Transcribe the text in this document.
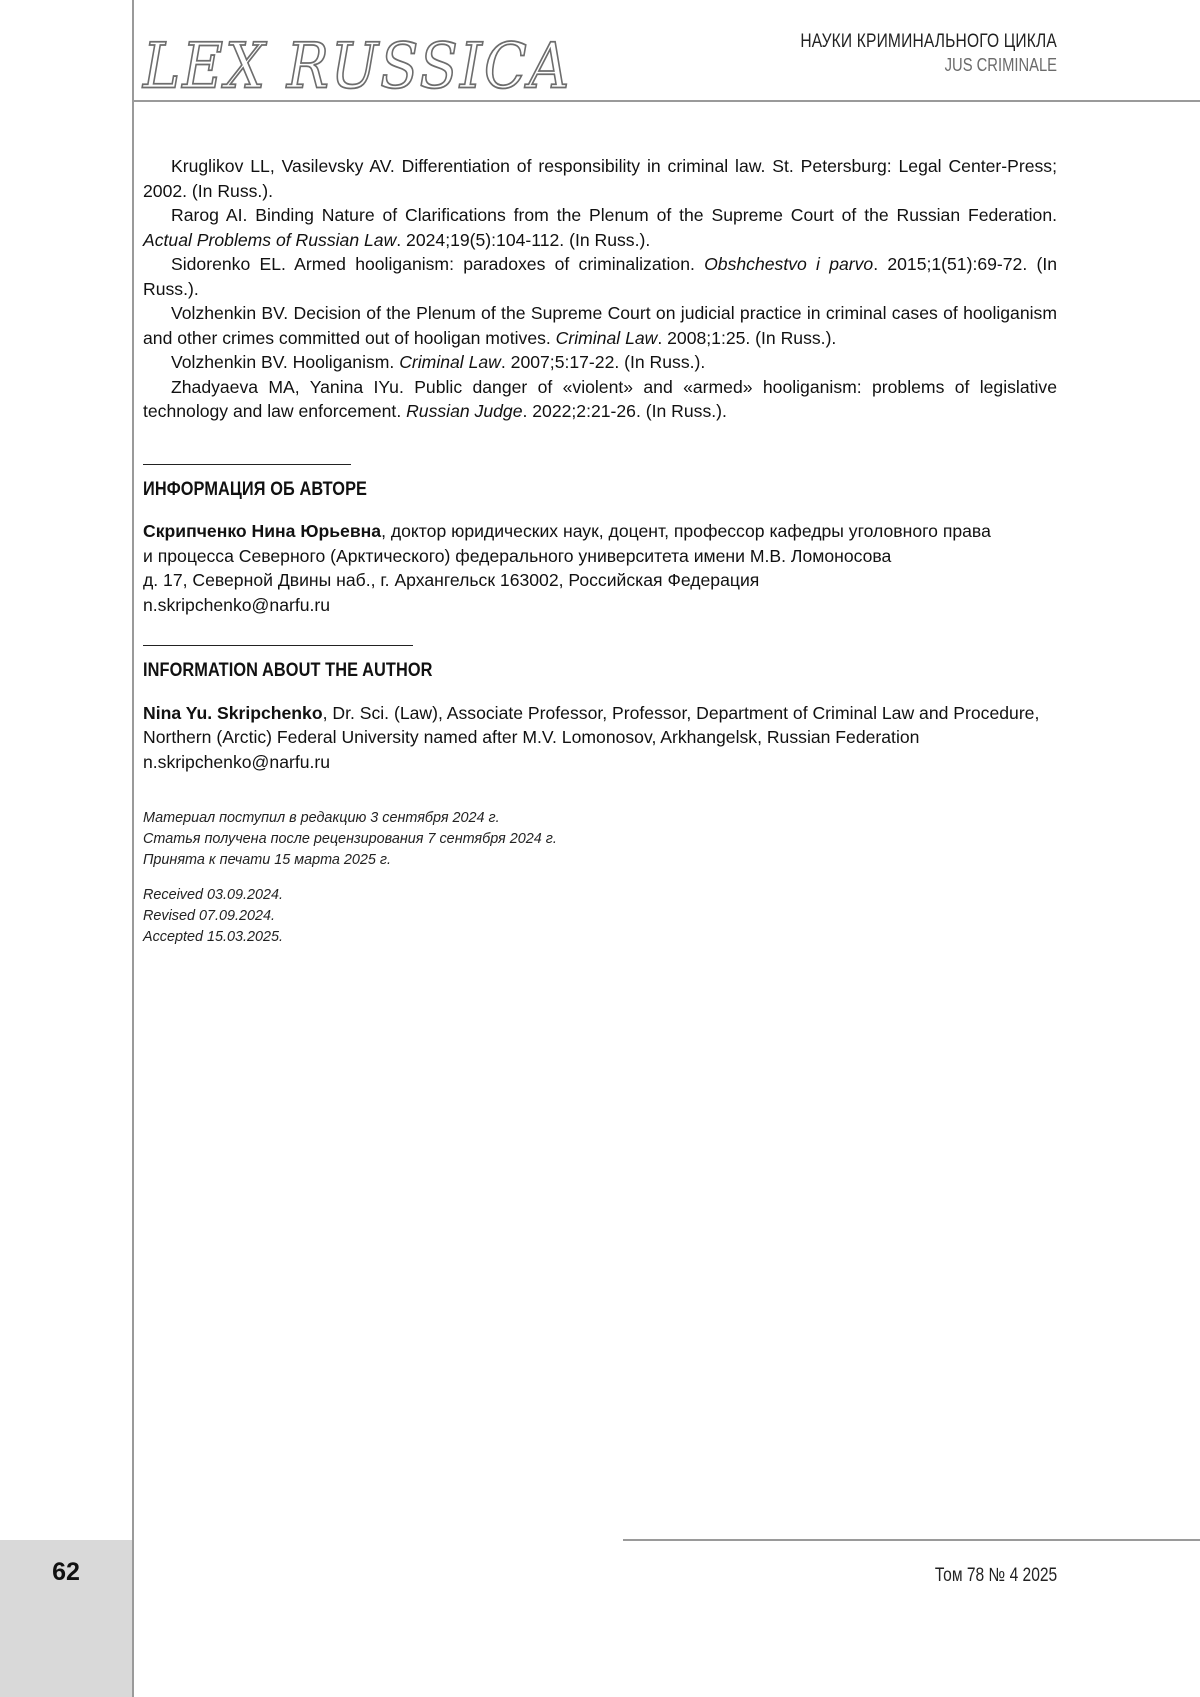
LEX RUSSICA	НАУКИ КРИМИНАЛЬНОГО ЦИКЛА
JUS CRIMINALE

Kruglikov LL, Vasilevsky AV. Differentiation of responsibility in criminal law. St. Petersburg: Legal Center-Press; 2002. (In Russ.).

Rarog AI. Binding Nature of Clarifications from the Plenum of the Supreme Court of the Russian Federation. Actual Problems of Russian Law. 2024;19(5):104-112. (In Russ.).

Sidorenko EL. Armed hooliganism: paradoxes of criminalization. Obshchestvo i parvo. 2015;1(51):69-72. (In Russ.).

Volzhenkin BV. Decision of the Plenum of the Supreme Court on judicial practice in criminal cases of hooliganism and other crimes committed out of hooligan motives. Criminal Law. 2008;1:25. (In Russ.).

Volzhenkin BV. Hooliganism. Criminal Law. 2007;5:17-22. (In Russ.).

Zhadyaeva MA, Yanina IYu. Public danger of «violent» and «armed» hooliganism: problems of legislative technology and law enforcement. Russian Judge. 2022;2:21-26. (In Russ.).

ИНФОРМАЦИЯ ОБ АВТОРЕ

Скрипченко Нина Юрьевна, доктор юридических наук, доцент, профессор кафедры уголовного права

и процесса Северного (Арктического) федерального университета имени М.В. Ломоносова

д. 17, Северной Двины наб., г. Архангельск 163002, Российская Федерация

n.skripchenko@narfu.ru

INFORMATION ABOUT THE AUTHOR

Nina Yu. Skripchenko, Dr. Sci. (Law), Associate Professor, Professor, Department of Criminal Law and Procedure,

Northern (Arctic) Federal University named after M.V. Lomonosov, Arkhangelsk, Russian Federation

n.skripchenko@narfu.ru

Материал поступил в редакцию 3 сентября 2024 г.

Статья получена после рецензирования 7 сентября 2024 г.

Принята к печати 15 марта 2025 г.

Received 03.09.2024.

Revised 07.09.2024.

Accepted 15.03.2025.

62	Том 78 № 4 2025
